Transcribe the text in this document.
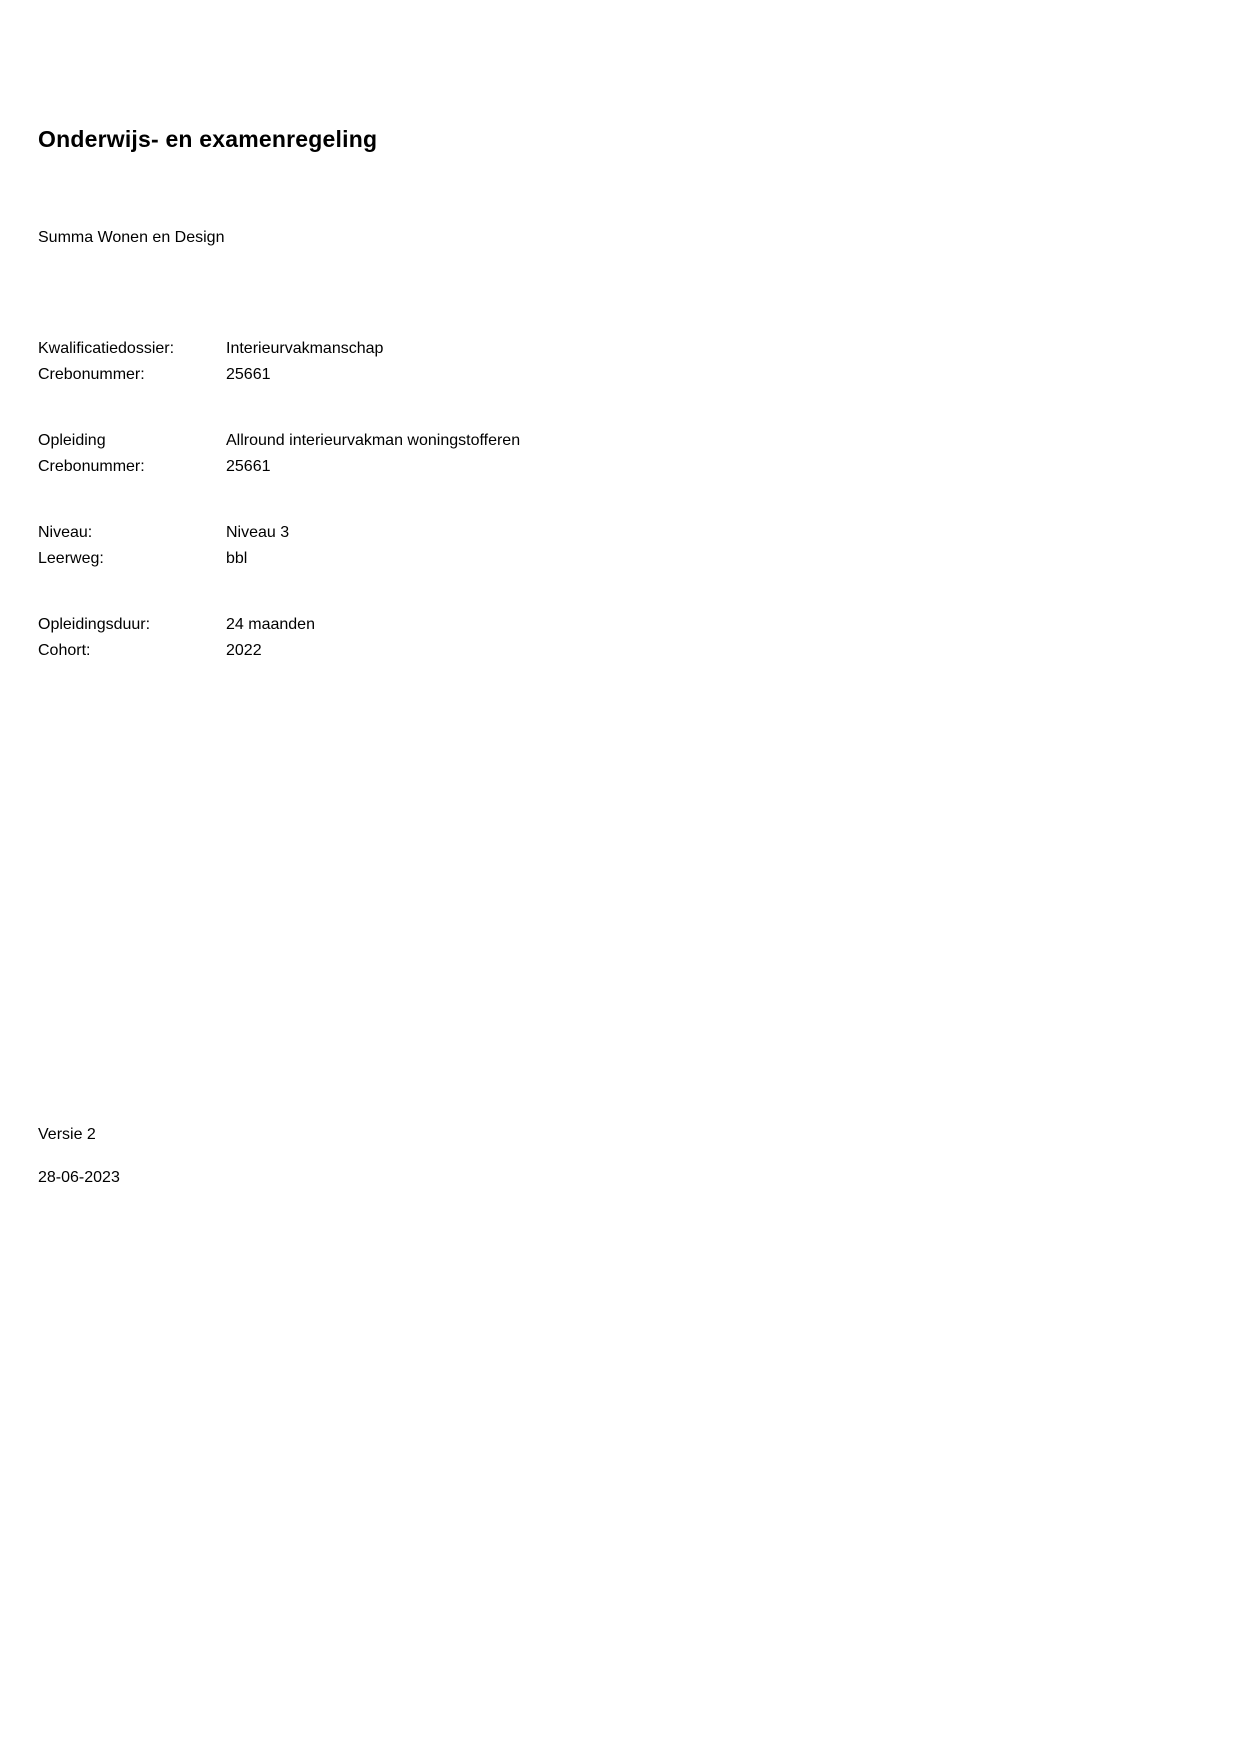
Onderwijs- en examenregeling

Summa Wonen en Design

Kwalificatiedossier:	Interieurvakmanschap
Crebonummer:	25661
Opleiding	Allround interieurvakman woningstofferen
Crebonummer:	25661
Niveau:	Niveau 3
Leerweg:	bbl
Opleidingsduur:	24 maanden
Cohort:	2022

Versie 2

28-06-2023
